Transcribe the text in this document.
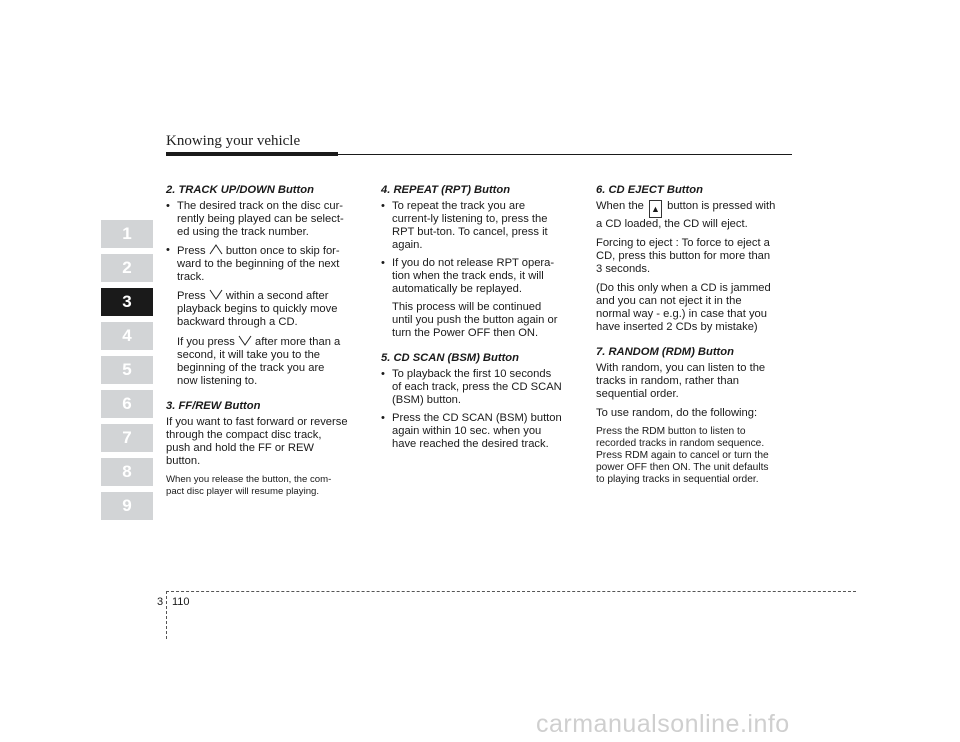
Knowing your vehicle
1
2
3
4
5
6
7
8
9
2. TRACK UP/DOWN Button
• The desired track on the disc cur-rently being played can be select-ed using the track number.
• Press button once to skip for-ward to the beginning of the next track.

Press within a second after playback begins to quickly move backward through a CD.

If you press after more than a second, it will take you to the beginning of the track you are now listening to.

3. FF/REW Button

If you want to fast forward or reverse through the compact disc track, push and hold the FF or REW button.

When you release the button, the com-pact disc player will resume playing.

4. REPEAT (RPT) Button
• To repeat the track you are current-ly listening to, press the RPT but-ton. To cancel, press it again.
• If you do not release RPT opera-tion when the track ends, it will automatically be replayed.

This process will be continued until you push the button again or turn the Power OFF then ON.

5. CD SCAN (BSM) Button
• To playback the first 10 seconds of each track, press the CD SCAN (BSM) button.
• Press the CD SCAN (BSM) button again within 10 sec. when you have reached the desired track.
6. CD EJECT Button

When the ▲ button is pressed with a CD loaded, the CD will eject.

Forcing to eject : To force to eject a CD, press this button for more than 3 seconds.

(Do this only when a CD is jammed and you can not eject it in the normal way - e.g.) in case that you have inserted 2 CDs by mistake)

7. RANDOM (RDM) Button

With random, you can listen to the tracks in random, rather than sequential order.

To use random, do the following:

Press the RDM button to listen to recorded tracks in random sequence. Press RDM again to cancel or turn the power OFF then ON. The unit defaults to playing tracks in sequential order.

3 110
carmanualsonline.info
